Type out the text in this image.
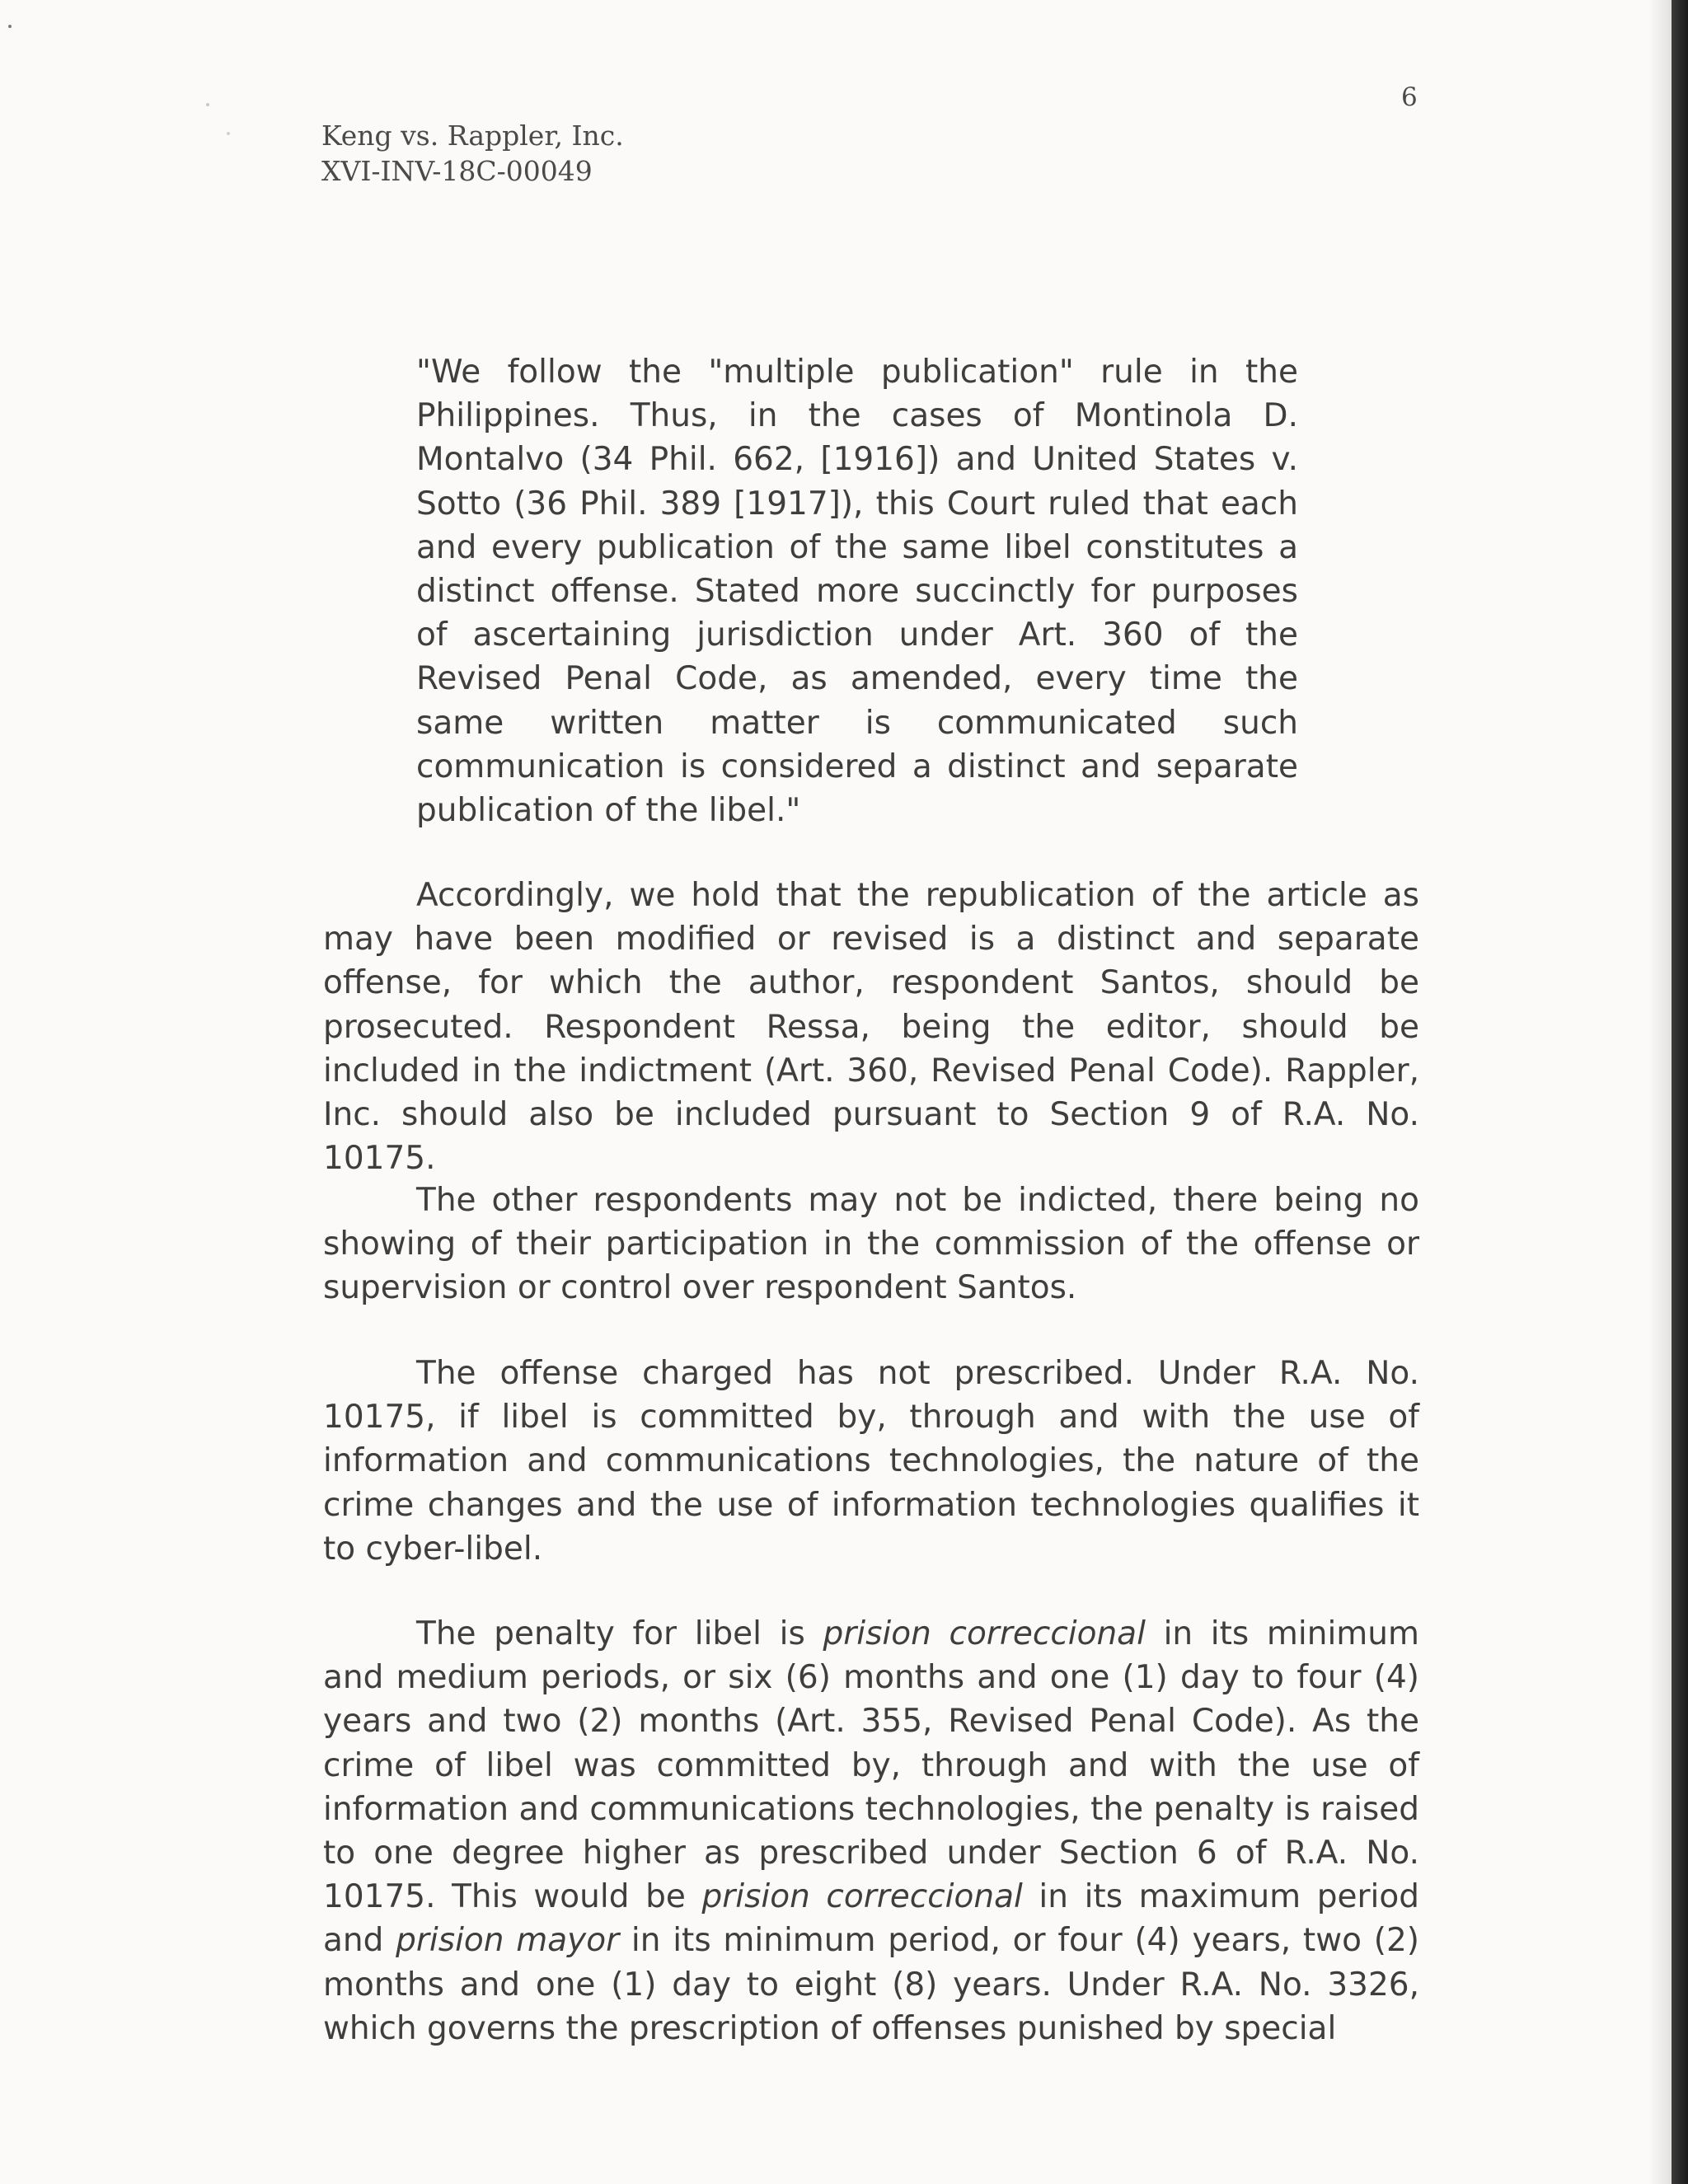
Keng vs. Rappler, Inc.
XVI-INV-18C-00049
6

"We follow the "multiple publication" rule in the Philippines. Thus, in the cases of Montinola D. Montalvo (34 Phil. 662, [1916]) and United States v. Sotto (36 Phil. 389 [1917]), this Court ruled that each and every publication of the same libel constitutes a distinct offense. Stated more succinctly for purposes of ascertaining jurisdiction under Art. 360 of the Revised Penal Code, as amended, every time the same written matter is communicated such communication is considered a distinct and separate publication of the libel."

Accordingly, we hold that the republication of the article as may have been modified or revised is a distinct and separate offense, for which the author, respondent Santos, should be prosecuted. Respondent Ressa, being the editor, should be included in the indictment (Art. 360, Revised Penal Code). Rappler, Inc. should also be included pursuant to Section 9 of R.A. No. 10175.

The other respondents may not be indicted, there being no showing of their participation in the commission of the offense or supervision or control over respondent Santos.

The offense charged has not prescribed. Under R.A. No. 10175, if libel is committed by, through and with the use of information and communications technologies, the nature of the crime changes and the use of information technologies qualifies it to cyber-libel.

The penalty for libel is prision correccional in its minimum and medium periods, or six (6) months and one (1) day to four (4) years and two (2) months (Art. 355, Revised Penal Code). As the crime of libel was committed by, through and with the use of information and communications technologies, the penalty is raised to one degree higher as prescribed under Section 6 of R.A. No. 10175. This would be prision correccional in its maximum period and prision mayor in its minimum period, or four (4) years, two (2) months and one (1) day to eight (8) years. Under R.A. No. 3326, which governs the prescription of offenses punished by special
